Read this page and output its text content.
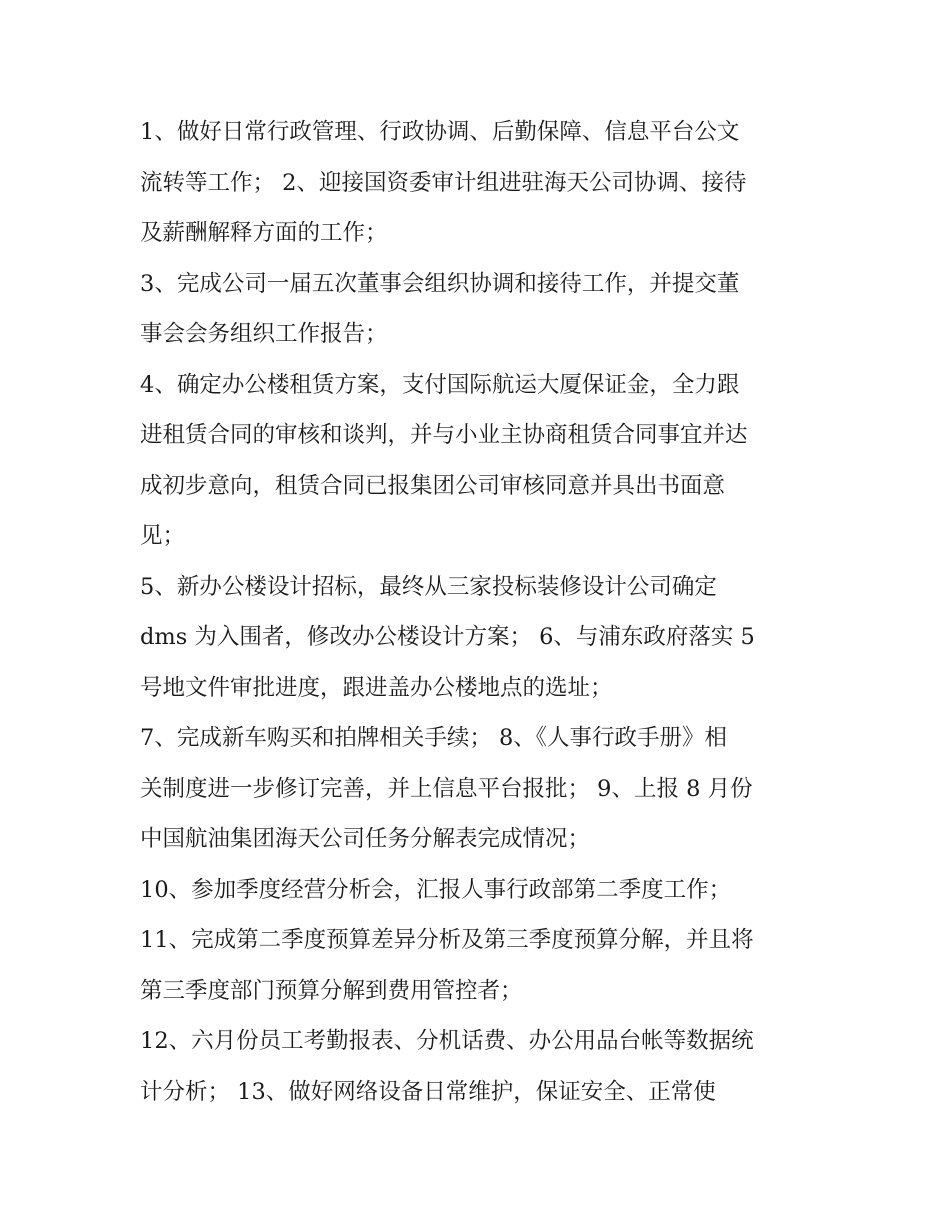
1、做好日常行政管理、行政协调、后勤保障、信息平台公文

流转等工作； 2、迎接国资委审计组进驻海天公司协调、接待

及薪酬解释方面的工作；

3、完成公司一届五次董事会组织协调和接待工作，并提交董

事会会务组织工作报告；

4、确定办公楼租赁方案，支付国际航运大厦保证金，全力跟

进租赁合同的审核和谈判，并与小业主协商租赁合同事宜并达

成初步意向，租赁合同已报集团公司审核同意并具出书面意

见；

5、新办公楼设计招标，最终从三家投标装修设计公司确定

dms 为入围者，修改办公楼设计方案； 6、与浦东政府落实 5

号地文件审批进度，跟进盖办公楼地点的选址；

7、完成新车购买和拍牌相关手续； 8、《人事行政手册》相

关制度进一步修订完善，并上信息平台报批； 9、上报 8 月份

中国航油集团海天公司任务分解表完成情况；

10、参加季度经营分析会，汇报人事行政部第二季度工作；

11、完成第二季度预算差异分析及第三季度预算分解，并且将

第三季度部门预算分解到费用管控者；

12、六月份员工考勤报表、分机话费、办公用品台帐等数据统

计分析； 13、做好网络设备日常维护，保证安全、正常使
